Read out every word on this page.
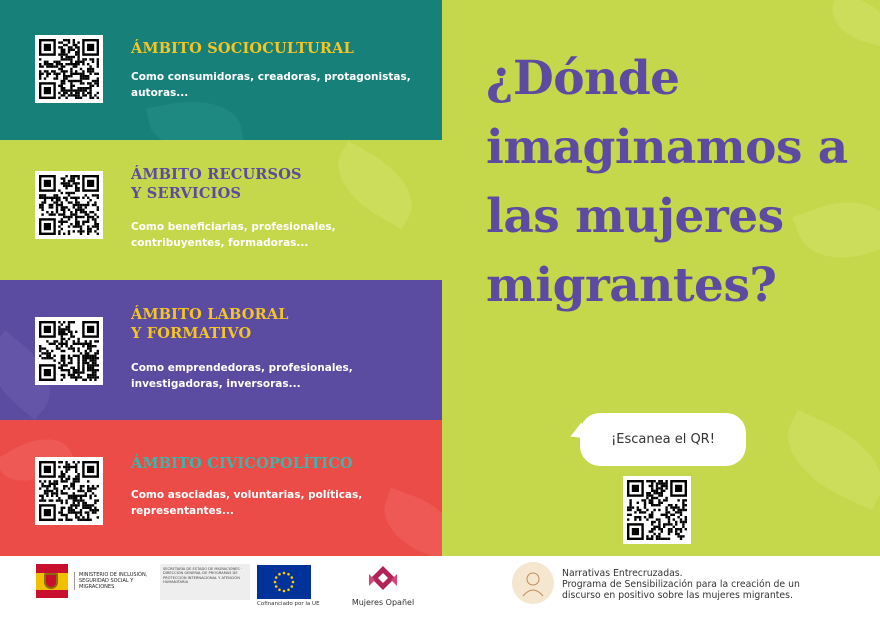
ÁMBITO SOCIOCULTURAL
Como consumidoras, creadoras, protagonistas, autoras...
ÁMBITO RECURSOS
Y SERVICIOS
Como beneficiarias, profesionales, contribuyentes, formadoras...
ÁMBITO LABORAL
Y FORMATIVO
Como emprendedoras, profesionales, investigadoras, inversoras...
ÁMBITO CIVICOPOLÍTICO
Como asociadas, voluntarias, políticas, representantes...
¿Dónde imaginamos a las mujeres migrantes?
¡Escanea el QR!
MINISTERIO DE INCLUSIÓN, SEGURIDAD SOCIAL Y MIGRACIONES
SECRETARÍA DE ESTADO DE MIGRACIONES · DIRECCIÓN GENERAL DE PROGRAMAS DE PROTECCIÓN INTERNACIONAL Y ATENCIÓN HUMANITARIA
Cofinanciado por la UE	Mujeres Opañel
Narrativas Entrecruzadas.
Programa de Sensibilización para la creación de un discurso en positivo sobre las mujeres migrantes.
